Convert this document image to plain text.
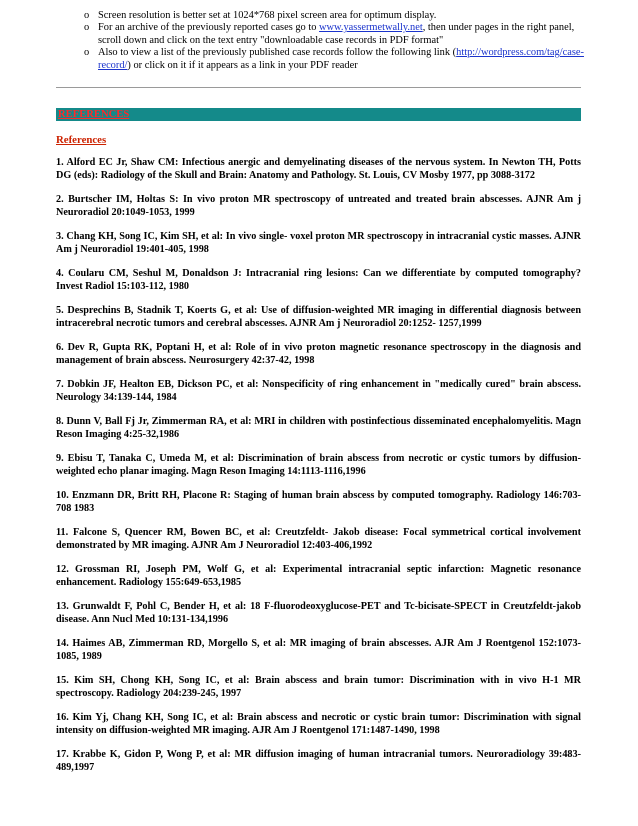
o Screen resolution is better set at 1024*768 pixel screen area for optimum display.

o For an archive of the previously reported cases go to www.yassermetwally.net, then under pages in the right panel, scroll down and click on the text entry "downloadable case records in PDF format"

o Also to view a list of the previously published case records follow the following link (http://wordpress.com/tag/case-record/) or click on it if it appears as a link in your PDF reader

REFERENCES
References

1. Alford EC Jr, Shaw CM: Infectious anergic and demyelinating diseases of the nervous system. In Newton TH, Potts DG (eds): Radiology of the Skull and Brain: Anatomy and Pathology. St. Louis, CV Mosby 1977, pp 3088-3172

2. Burtscher IM, Holtas S: In vivo proton MR spectroscopy of untreated and treated brain abscesses. AJNR Am j Neuroradiol 20:1049-1053, 1999

3. Chang KH, Song IC, Kim SH, et al: In vivo single- voxel proton MR spectroscopy in intracranial cystic masses. AJNR Am j Neuroradiol 19:401-405, 1998

4. Coularu CM, Seshul M, Donaldson J: Intracranial ring lesions: Can we differentiate by computed tomography? Invest Radiol 15:103-112, 1980

5. Desprechins B, Stadnik T, Koerts G, et al: Use of diffusion-weighted MR imaging in differential diagnosis between intracerebral necrotic tumors and cerebral abscesses. AJNR Am j Neuroradiol 20:1252- 1257,1999

6. Dev R, Gupta RK, Poptani H, et al: Role of in vivo proton magnetic resonance spectroscopy in the diagnosis and management of brain abscess. Neurosurgery 42:37-42, 1998

7. Dobkin JF, Healton EB, Dickson PC, et al: Nonspecificity of ring enhancement in "medically cured" brain abscess. Neurology 34:139-144, 1984

8. Dunn V, Ball Fj Jr, Zimmerman RA, et al: MRI in children with postinfectious disseminated encephalomyelitis. Magn Reson Imaging 4:25-32,1986

9. Ebisu T, Tanaka C, Umeda M, et al: Discrimination of brain abscess from necrotic or cystic tumors by diffusion-weighted echo planar imaging. Magn Reson Imaging 14:1113-1116,1996

10. Enzmann DR, Britt RH, Placone R: Staging of human brain abscess by computed tomography. Radiology 146:703-708 1983

11. Falcone S, Quencer RM, Bowen BC, et al: Creutzfeldt- Jakob disease: Focal symmetrical cortical involvement demonstrated by MR imaging. AJNR Am J Neuroradiol 12:403-406,1992

12. Grossman RI, Joseph PM, Wolf G, et al: Experimental intracranial septic infarction: Magnetic resonance enhancement. Radiology 155:649-653,1985

13. Grunwaldt F, Pohl C, Bender H, et al: 18 F-fluorodeoxyglucose-PET and Tc-bicisate-SPECT in Creutzfeldt-jakob disease. Ann Nucl Med 10:131-134,1996

14. Haimes AB, Zimmerman RD, Morgello S, et al: MR imaging of brain abscesses. AJR Am J Roentgenol 152:1073-1085, 1989

15. Kim SH, Chong KH, Song IC, et al: Brain abscess and brain tumor: Discrimination with in vivo H-1 MR spectroscopy. Radiology 204:239-245, 1997

16. Kim Yj, Chang KH, Song IC, et al: Brain abscess and necrotic or cystic brain tumor: Discrimination with signal intensity on diffusion-weighted MR imaging. AJR Am J Roentgenol 171:1487-1490, 1998

17. Krabbe K, Gidon P, Wong P, et al: MR diffusion imaging of human intracranial tumors. Neuroradiology 39:483-489,1997
